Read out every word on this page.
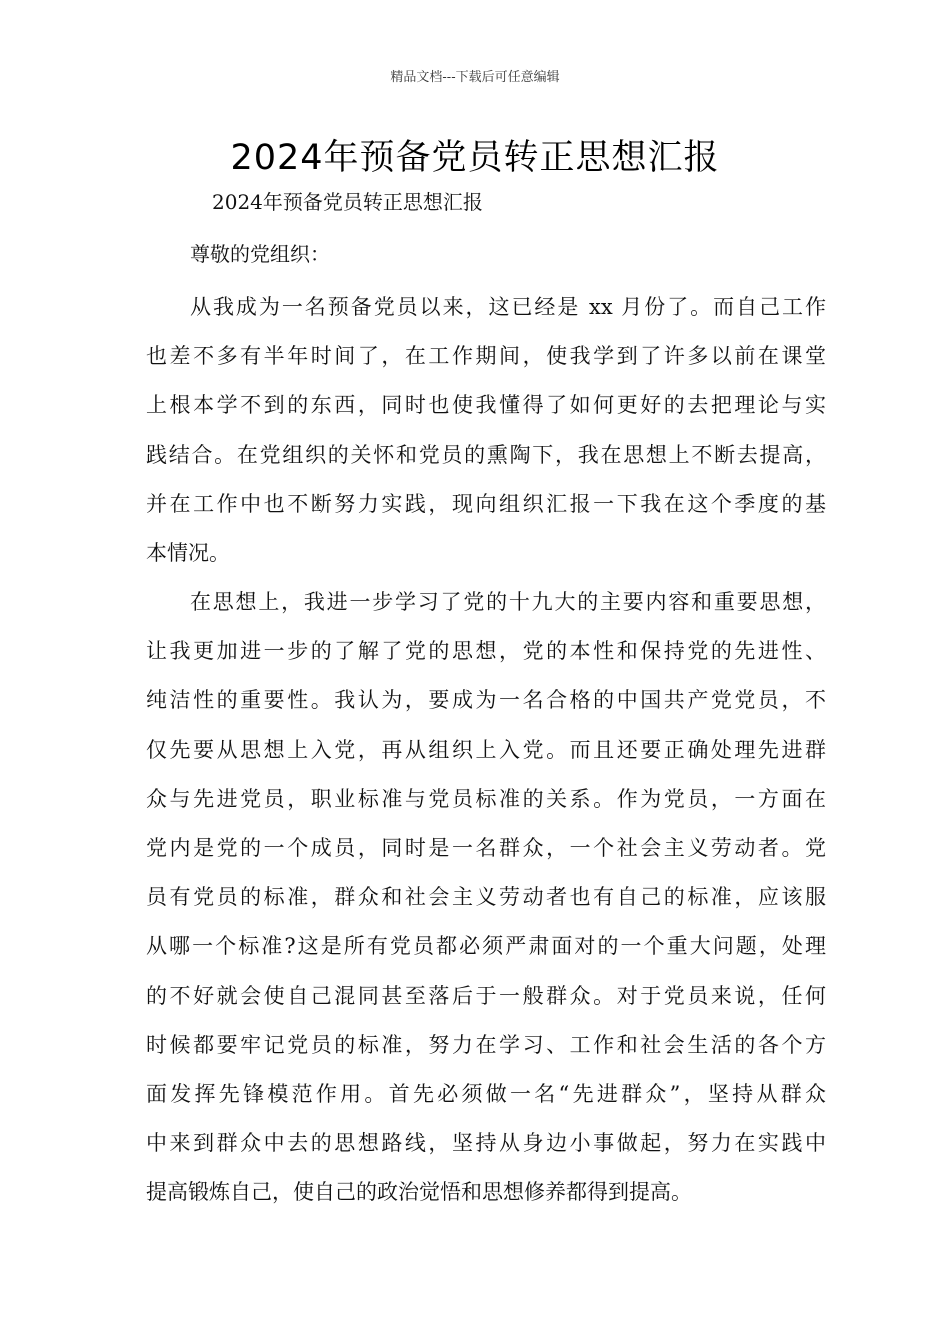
精品文档---下载后可任意编辑
2024年预备党员转正思想汇报
2024年预备党员转正思想汇报
尊敬的党组织：
从我成为一名预备党员以来，这已经是 xx 月份了。而自己工作
也差不多有半年时间了，在工作期间，使我学到了许多以前在课堂
上根本学不到的东西，同时也使我懂得了如何更好的去把理论与实
践结合。在党组织的关怀和党员的熏陶下，我在思想上不断去提高，
并在工作中也不断努力实践，现向组织汇报一下我在这个季度的基
本情况。
在思想上，我进一步学习了党的十九大的主要内容和重要思想，
让我更加进一步的了解了党的思想，党的本性和保持党的先进性、
纯洁性的重要性。我认为，要成为一名合格的中国共产党党员，不
仅先要从思想上入党，再从组织上入党。而且还要正确处理先进群
众与先进党员，职业标准与党员标准的关系。作为党员，一方面在
党内是党的一个成员，同时是一名群众，一个社会主义劳动者。党
员有党员的标准，群众和社会主义劳动者也有自己的标准，应该服
从哪一个标准?这是所有党员都必须严肃面对的一个重大问题，处理
的不好就会使自己混同甚至落后于一般群众。对于党员来说，任何
时候都要牢记党员的标准，努力在学习、工作和社会生活的各个方
面发挥先锋模范作用。首先必须做一名“先进群众”，坚持从群众
中来到群众中去的思想路线，坚持从身边小事做起，努力在实践中
提高锻炼自己，使自己的政治觉悟和思想修养都得到提高。
